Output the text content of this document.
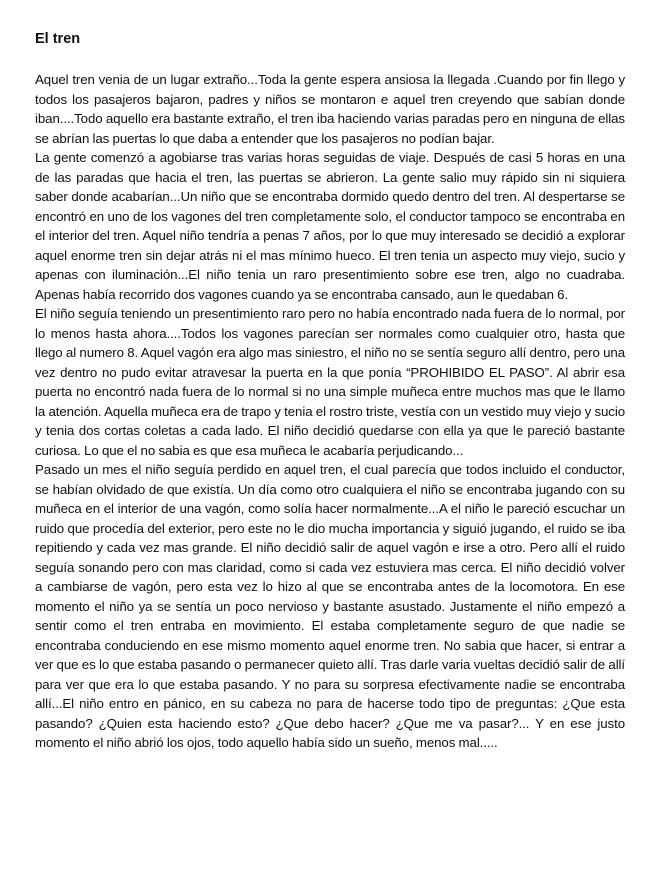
El tren

Aquel tren venia de un lugar extraño...Toda la gente espera ansiosa la llegada .Cuando por fin llego y todos los pasajeros bajaron, padres y niños se montaron e aquel tren creyendo que sabían donde iban....Todo aquello era bastante extraño, el tren iba haciendo varias paradas pero en ninguna de ellas se abrían las puertas lo que daba a entender que los pasajeros no podían bajar.

La gente comenzó a agobiarse tras varias horas seguidas de viaje. Después de casi 5 horas en una de las paradas que hacia el tren, las puertas se abrieron. La gente salio muy rápido sin ni siquiera saber donde acabarían...Un niño que se encontraba dormido quedo dentro del tren. Al despertarse se encontró en uno de los vagones del tren completamente solo, el conductor tampoco se encontraba en el interior del tren. Aquel niño tendría a penas 7 años, por lo que muy interesado se decidió a explorar aquel enorme tren sin dejar atrás ni el mas mínimo hueco. El tren tenia un aspecto muy viejo, sucio y apenas con iluminación...El niño tenia un raro presentimiento sobre ese tren, algo no cuadraba. Apenas había recorrido dos vagones cuando ya se encontraba cansado, aun le quedaban 6.

El niño seguía teniendo un presentimiento raro pero no había encontrado nada fuera de lo normal, por lo menos hasta ahora....Todos los vagones parecían ser normales como cualquier otro, hasta que llego al numero 8. Aquel vagón era algo mas siniestro, el niño no se sentía seguro allí dentro, pero una vez dentro no pudo evitar atravesar la puerta en la que ponía “PROHIBIDO EL PASO”. Al abrir esa puerta no encontró nada fuera de lo normal si no una simple muñeca entre muchos mas que le llamo la atención. Aquella muñeca era de trapo y tenia el rostro triste, vestía con un vestido muy viejo y sucio y tenia dos cortas coletas a cada lado. El niño decidió quedarse con ella ya que le pareció bastante curiosa. Lo que el no sabia es que esa muñeca le acabaría perjudicando...

Pasado un mes el niño seguía perdido en aquel tren, el cual parecía que todos incluido el conductor, se habían olvidado de que existía. Un día como otro cualquiera el niño se encontraba jugando con su muñeca en el interior de una vagón, como solía hacer normalmente...A el niño le pareció escuchar un ruido que procedía del exterior, pero este no le dio mucha importancia y siguió jugando, el ruido se iba repitiendo y cada vez mas grande. El niño decidió salir de aquel vagón e irse a otro. Pero allí el ruido seguía sonando pero con mas claridad, como si cada vez estuviera mas cerca. El niño decidió volver a cambiarse de vagón, pero esta vez lo hizo al que se encontraba antes de la locomotora. En ese momento el niño ya se sentía un poco nervioso y bastante asustado. Justamente el niño empezó a sentir como el tren entraba en movimiento. El estaba completamente seguro de que nadie se encontraba conduciendo en ese mismo momento aquel enorme tren. No sabia que hacer, si entrar a ver que es lo que estaba pasando o permanecer quieto allí. Tras darle varia vueltas decidió salir de allí para ver que era lo que estaba pasando. Y no para su sorpresa efectivamente nadie se encontraba allí...El niño entro en pánico, en su cabeza no para de hacerse todo tipo de preguntas: ¿Que esta pasando? ¿Quien esta haciendo esto? ¿Que debo hacer? ¿Que me va pasar?... Y en ese justo momento el niño abrió los ojos, todo aquello había sido un sueño, menos mal.....
